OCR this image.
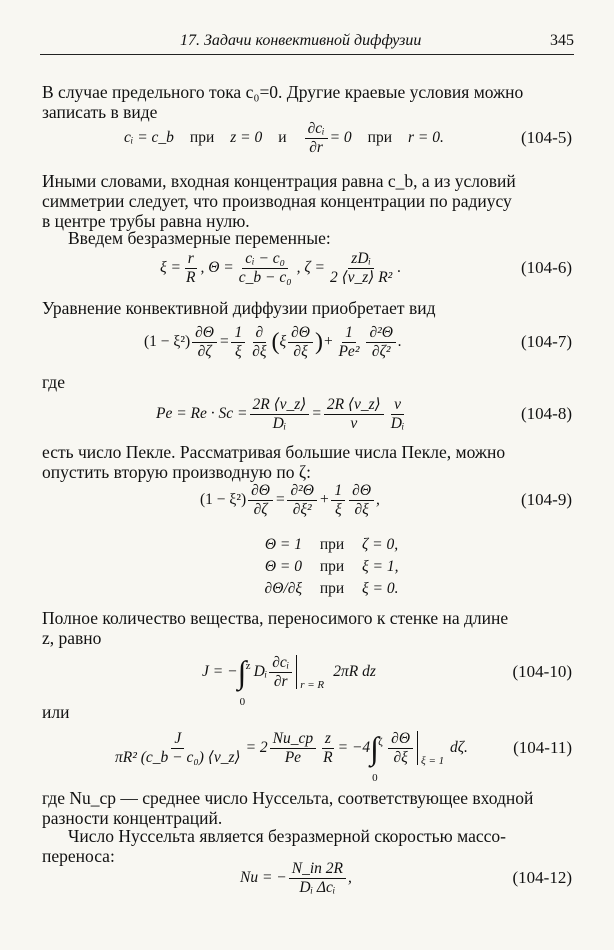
17. Задачи конвективной диффузии	345
В случае предельного тока c₀=0. Другие краевые условия можно
записать в виде
cᵢ = c_b при z = 0 и $\frac{\text{∂cᵢ}}{\partial r} = 0$ при r = 0.	(104-5)
Иными словами, входная концентрация равна c_b, а из условий
симметрии следует, что производная концентрации по радиусу
в центре трубы равна нулю.
Введем безразмерные переменные:
$\xi = \frac{r}{R}$ , $\Theta = \frac{\text{cᵢ − c₀}}{\text{c\_b − c₀}}$ , $\zeta = \frac{\text{zDᵢ}}{\text{2 ⟨v\_z⟩ R²}}$ .	(104-6)
Уравнение конвективной диффузии приобретает вид
$(1 - \xi^2) \frac{\partial\Theta}{\partial\zeta} = \frac{1}{\xi} \frac{\partial}{\partial\xi}$ ( ξ $\frac{\partial\Theta}{\partial\xi}$ ) + $\frac{1}{\text{Pe²}} \frac{\text{∂²Θ}}{\text{∂ζ²}}$ .	(104-7)
где
$Pe = Re \cdot Sc = \frac{2R ⟨v\_z⟩}{\text{Dᵢ}} = \frac{2R ⟨v\_z⟩}{\nu} \frac{\nu}{\text{Dᵢ}}$	(104-8)
есть число Пекле. Рассматривая большие числа Пекле, можно
опустить вторую производную по ζ:
$(1 - \xi^2) \frac{\partial\Theta}{\partial\zeta} = \frac{\text{∂²Θ}}{\text{∂ξ²}} + \frac{1}{\xi} \frac{\partial\Theta}{\partial\xi}$ ,	(104-9)
Θ = 1	при	ζ = 0,
Θ = 0	при	ξ = 1,
∂Θ/∂ξ	при	ξ = 0.
Полное количество вещества, переносимого к стенке на длине
z, равно
J = − ∫ z
0
Dᵢ $\frac{\text{∂cᵢ}}{\partial r}$ r = R
2πR dz	(104-10)
или
$\frac{J}{\text{πR² (c\_b − c₀) ⟨v\_z⟩}} = 2 \frac{Nu\_ср}{Pe} \frac{z}{R} = -4$ ∫ ζ
0
$\frac{\partial\Theta}{\partial\xi}$ ξ = 1
dζ.	(104-11)
где Nu_ср — среднее число Нуссельта, соответствующее входной
разности концентраций.
Число Нуссельта является безразмерной скоростью массо-
переноса:
Nu = − $\frac{N\_in 2R}{\text{Dᵢ Δcᵢ}}$ ,	(104-12)
